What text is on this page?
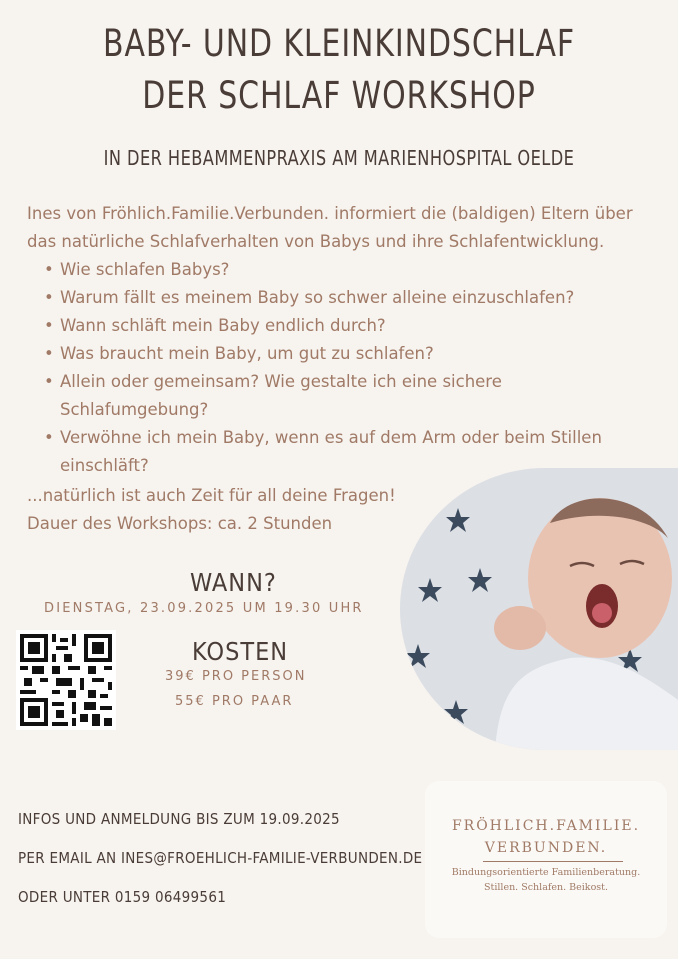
BABY- UND KLEINKINDSCHLAF
DER SCHLAF WORKSHOP
IN DER HEBAMMENPRAXIS AM MARIENHOSPITAL OELDE
Ines von Fröhlich.Familie.Verbunden. informiert die (baldigen) Eltern über das natürliche Schlafverhalten von Babys und ihre Schlafentwicklung.
• Wie schlafen Babys?
• Warum fällt es meinem Baby so schwer alleine einzuschlafen?
• Wann schläft mein Baby endlich durch?
• Was braucht mein Baby, um gut zu schlafen?
• Allein oder gemeinsam? Wie gestalte ich eine sichere Schlafumgebung?
• Verwöhne ich mein Baby, wenn es auf dem Arm oder beim Stillen einschläft?
...natürlich ist auch Zeit für all deine Fragen!
Dauer des Workshops: ca. 2 Stunden
WANN?
DIENSTAG, 23.09.2025 UM 19.30 UHR
KOSTEN
39€ PRO PERSON
55€ PRO PAAR
INFOS UND ANMELDUNG BIS ZUM 19.09.2025
PER EMAIL AN INES@FROEHLICH-FAMILIE-VERBUNDEN.DE
ODER UNTER 0159 06499561
FRÖHLICH.FAMILIE.
VERBUNDEN.
Bindungsorientierte Familienberatung.
Stillen. Schlafen. Beikost.
